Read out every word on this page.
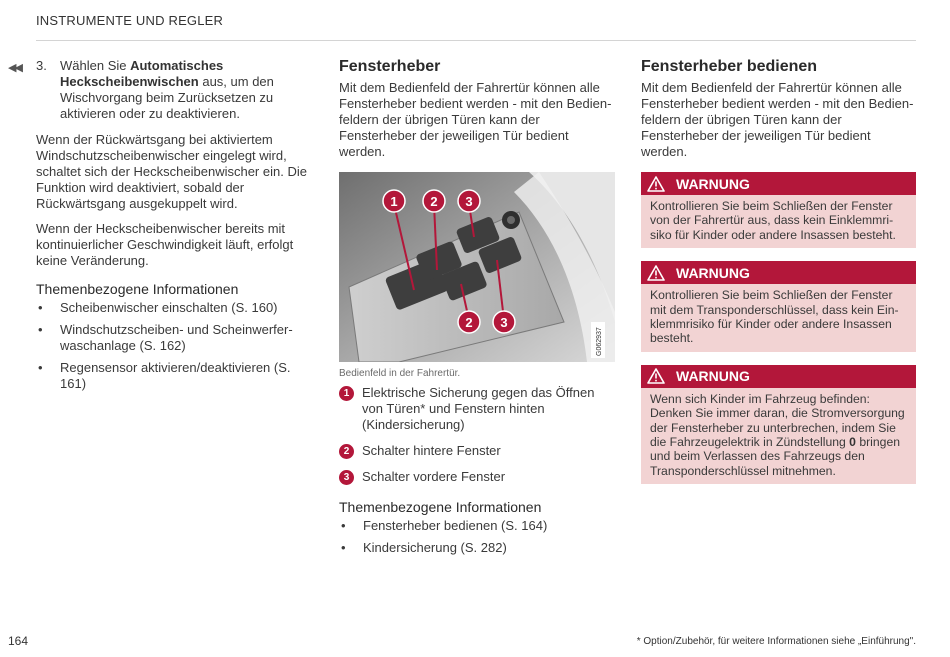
INSTRUMENTE UND REGLER
◀◀ 3. Wählen Sie Automatisches Heckscheibenwischen aus, um den Wischvorgang beim Zurücksetzen zu aktivieren oder zu deaktivieren.

Wenn der Rückwärtsgang bei aktiviertem Windschutzscheibenwischer eingelegt wird, schaltet sich der Heckscheibenwischer ein. Die Funktion wird deaktiviert, sobald der Rückwärtsgang ausgekuppelt wird.

Wenn der Heckscheibenwischer bereits mit kontinuierlicher Geschwindigkeit läuft, erfolgt keine Veränderung.

Themenbezogene Informationen
• Scheibenwischer einschalten (S. 160)
• Windschutzscheiben- und Scheinwerferwaschanlage (S. 162)
• Regensensor aktivieren/deaktivieren (S. 161)
Fensterheber

Mit dem Bedienfeld der Fahrertür können alle Fensterheber bedient werden - mit den Bedienfeldern der übrigen Türen kann der Fensterheber der jeweiligen Tür bedient werden.

G062937
1	2 3
2 3
Bedienfeld in der Fahrertür.
1 Elektrische Sicherung gegen das Öffnen von Türen* und Fenstern hinten (Kindersicherung)
2 Schalter hintere Fenster
3 Schalter vordere Fenster
Themenbezogene Informationen
• Fensterheber bedienen (S. 164)
• Kindersicherung (S. 282)
Fensterheber bedienen

Mit dem Bedienfeld der Fahrertür können alle Fensterheber bedient werden - mit den Bedienfeldern der übrigen Türen kann der Fensterheber der jeweiligen Tür bedient werden.

WARNUNG
Kontrollieren Sie beim Schließen der Fenster von der Fahrertür aus, dass kein Einklemmrisiko für Kinder oder andere Insassen besteht.
WARNUNG
Kontrollieren Sie beim Schließen der Fenster mit dem Transponderschlüssel, dass kein Einklemmrisiko für Kinder oder andere Insassen besteht.
WARNUNG
Wenn sich Kinder im Fahrzeug befinden: Denken Sie immer daran, die Stromversorgung der Fensterheber zu unterbrechen, indem Sie die Fahrzeugelektrik in Zündstellung 0 bringen und beim Verlassen des Fahrzeugs den Transponderschlüssel mitnehmen.
164	* Option/Zubehör, für weitere Informationen siehe „Einführung".
